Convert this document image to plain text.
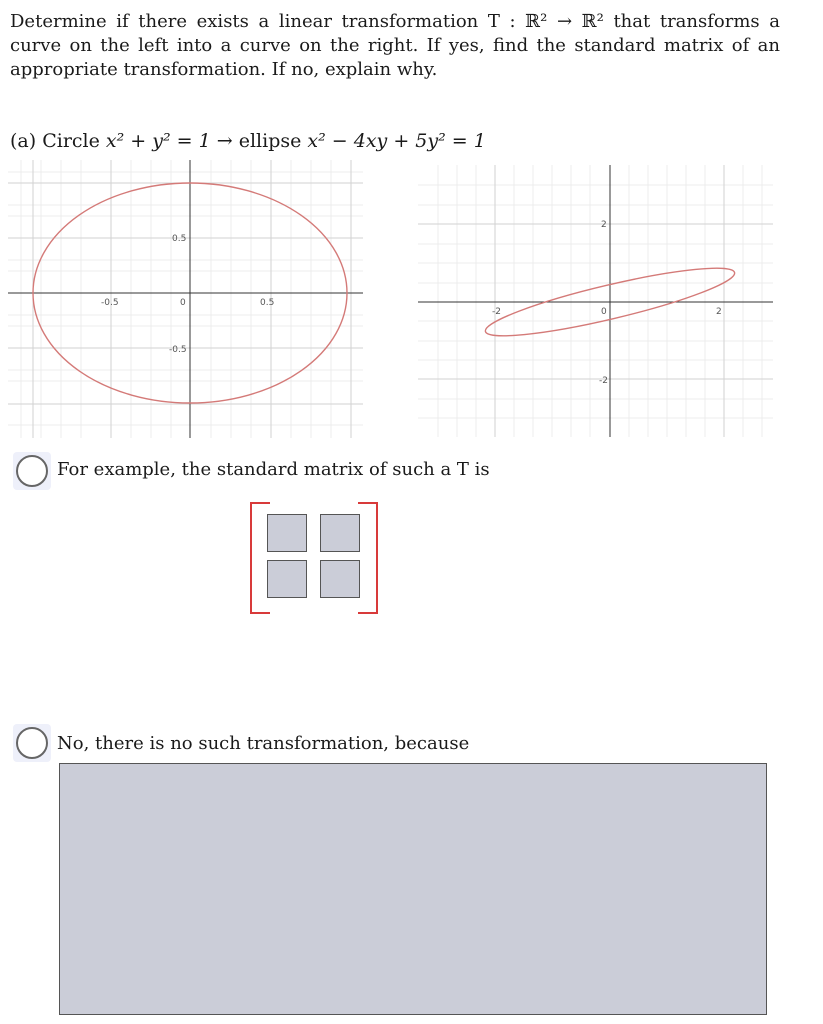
Determine if there exists a linear transformation T : ℝ² → ℝ² that transforms a curve on the left into a curve on the right. If yes, find the standard matrix of an appropriate transformation. If no, explain why.
(a) Circle x² + y² = 1 → ellipse x² − 4xy + 5y² = 1
-0.5	0	0.5
0.5
-0.5
-2	0	2
2
-2
For example, the standard matrix of such a T is
No, there is no such transformation, because
